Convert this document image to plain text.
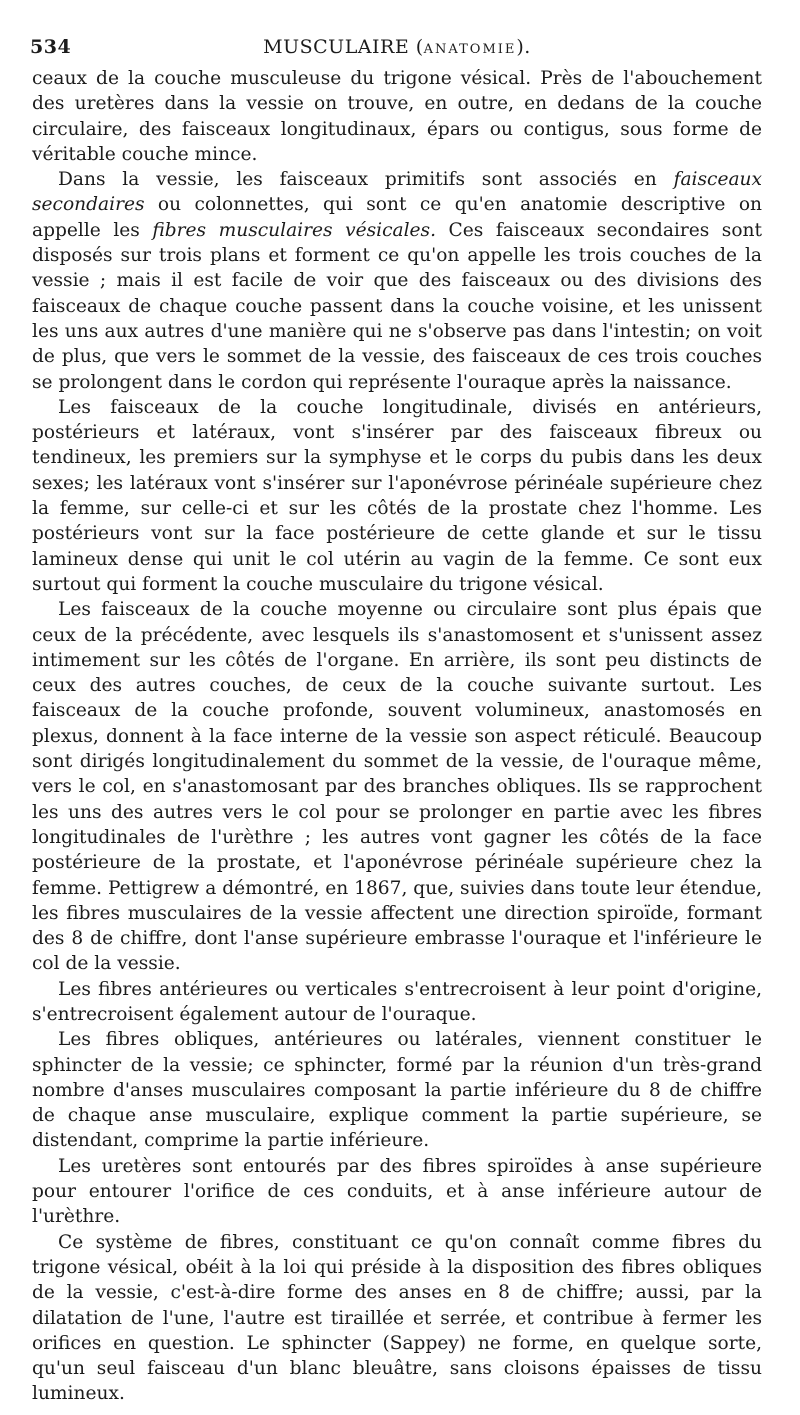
534	MUSCULAIRE (ANATOMIE).

ceaux de la couche musculeuse du trigone vésical. Près de l'abouchement des uretères dans la vessie on trouve, en outre, en dedans de la couche circulaire, des faisceaux longitudinaux, épars ou contigus, sous forme de véritable couche mince.

Dans la vessie, les faisceaux primitifs sont associés en faisceaux secondaires ou colonnettes, qui sont ce qu'en anatomie descriptive on appelle les fibres musculaires vésicales. Ces faisceaux secondaires sont disposés sur trois plans et forment ce qu'on appelle les trois couches de la vessie ; mais il est facile de voir que des faisceaux ou des divisions des faisceaux de chaque couche passent dans la couche voisine, et les unissent les uns aux autres d'une manière qui ne s'observe pas dans l'intestin; on voit de plus, que vers le sommet de la vessie, des faisceaux de ces trois couches se prolongent dans le cordon qui représente l'ouraque après la naissance.

Les faisceaux de la couche longitudinale, divisés en antérieurs, postérieurs et latéraux, vont s'insérer par des faisceaux fibreux ou tendineux, les premiers sur la symphyse et le corps du pubis dans les deux sexes; les latéraux vont s'insérer sur l'aponévrose périnéale supérieure chez la femme, sur celle-ci et sur les côtés de la prostate chez l'homme. Les postérieurs vont sur la face postérieure de cette glande et sur le tissu lamineux dense qui unit le col utérin au vagin de la femme. Ce sont eux surtout qui forment la couche musculaire du trigone vésical.

Les faisceaux de la couche moyenne ou circulaire sont plus épais que ceux de la précédente, avec lesquels ils s'anastomosent et s'unissent assez intimement sur les côtés de l'organe. En arrière, ils sont peu distincts de ceux des autres couches, de ceux de la couche suivante surtout. Les faisceaux de la couche profonde, souvent volumineux, anastomosés en plexus, donnent à la face interne de la vessie son aspect réticulé. Beaucoup sont dirigés longitudinalement du sommet de la vessie, de l'ouraque même, vers le col, en s'anastomosant par des branches obliques. Ils se rapprochent les uns des autres vers le col pour se prolonger en partie avec les fibres longitudinales de l'urèthre ; les autres vont gagner les côtés de la face postérieure de la prostate, et l'aponévrose périnéale supérieure chez la femme. Pettigrew a démontré, en 1867, que, suivies dans toute leur étendue, les fibres musculaires de la vessie affectent une direction spiroïde, formant des 8 de chiffre, dont l'anse supérieure embrasse l'ouraque et l'inférieure le col de la vessie.

Les fibres antérieures ou verticales s'entrecroisent à leur point d'origine, s'entrecroisent également autour de l'ouraque.

Les fibres obliques, antérieures ou latérales, viennent constituer le sphincter de la vessie; ce sphincter, formé par la réunion d'un très-grand nombre d'anses musculaires composant la partie inférieure du 8 de chiffre de chaque anse musculaire, explique comment la partie supérieure, se distendant, comprime la partie inférieure.

Les uretères sont entourés par des fibres spiroïdes à anse supérieure pour entourer l'orifice de ces conduits, et à anse inférieure autour de l'urèthre.

Ce système de fibres, constituant ce qu'on connaît comme fibres du trigone vésical, obéit à la loi qui préside à la disposition des fibres obliques de la vessie, c'est-à-dire forme des anses en 8 de chiffre; aussi, par la dilatation de l'une, l'autre est tiraillée et serrée, et contribue à fermer les orifices en question. Le sphincter (Sappey) ne forme, en quelque sorte, qu'un seul faisceau d'un blanc bleuâtre, sans cloisons épaisses de tissu lumineux.
